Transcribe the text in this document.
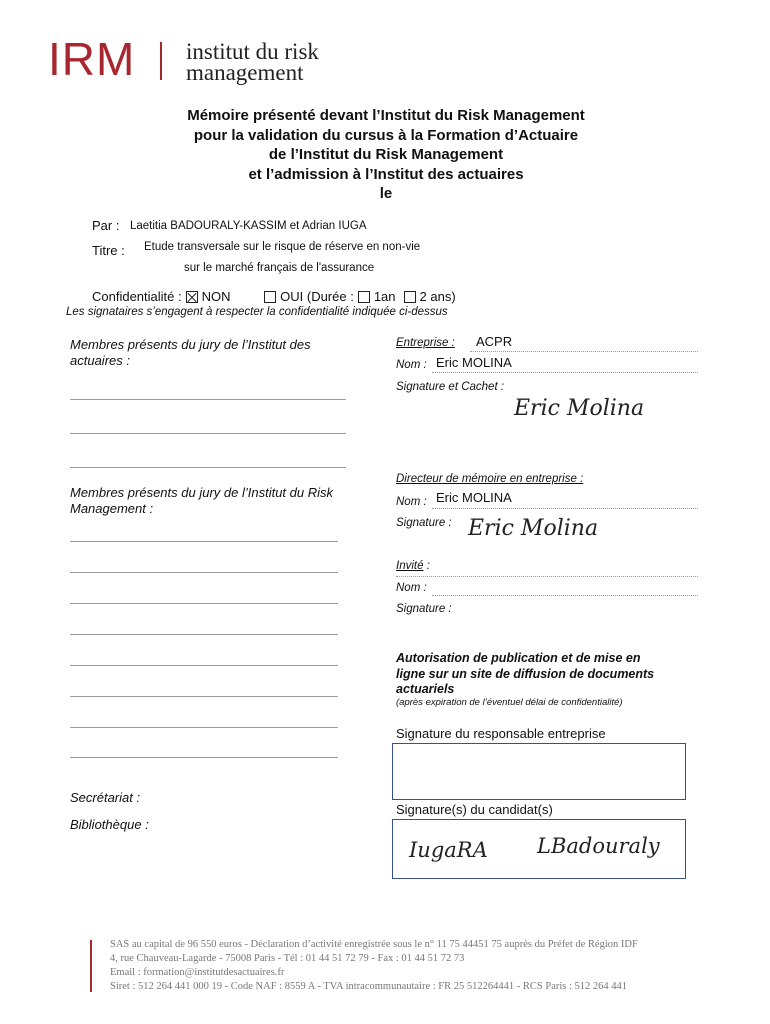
IRM institut du risk
management
Mémoire présenté devant l’Institut du Risk Management
pour la validation du cursus à la Formation d’Actuaire
de l’Institut du Risk Management
et l’admission à l’Institut des actuaires
le
Par : Laetitia BADOURALY-KASSIM et Adrian IUGA
Titre : Etude transversale sur le risque de réserve en non-vie
sur le marché français de l'assurance
Confidentialité : NON	OUI (Durée : 1an 2 ans)
Les signataires s’engagent à respecter la confidentialité indiquée ci-dessus
Membres présents du jury de l’Institut des
actuaires :
Membres présents du jury de l’Institut du Risk
Management :
Secrétariat :
Bibliothèque :
Entreprise : ACPR
Nom : Eric MOLINA
Signature et Cachet :
Eric Molina
Directeur de mémoire en entreprise :
Nom : Eric MOLINA
Signature : Eric Molina
Invité :
Nom :
Signature :
Autorisation de publication et de mise en
ligne sur un site de diffusion de documents
actuariels
(après expiration de l’éventuel délai de confidentialité)
Signature du responsable entreprise
Signature(s) du candidat(s)
IugaRA LBadouraly
SAS au capital de 96 550 euros - Déclaration d’activité enregistrée sous le n° 11 75 44451 75 auprès du Préfet de Région IDF
4, rue Chauveau-Lagarde - 75008 Paris - Tél : 01 44 51 72 79 - Fax : 01 44 51 72 73
Email : formation@institutdesactuaires.fr
Siret : 512 264 441 000 19 - Code NAF : 8559 A - TVA intracommunautaire : FR 25 512264441 - RCS Paris : 512 264 441
